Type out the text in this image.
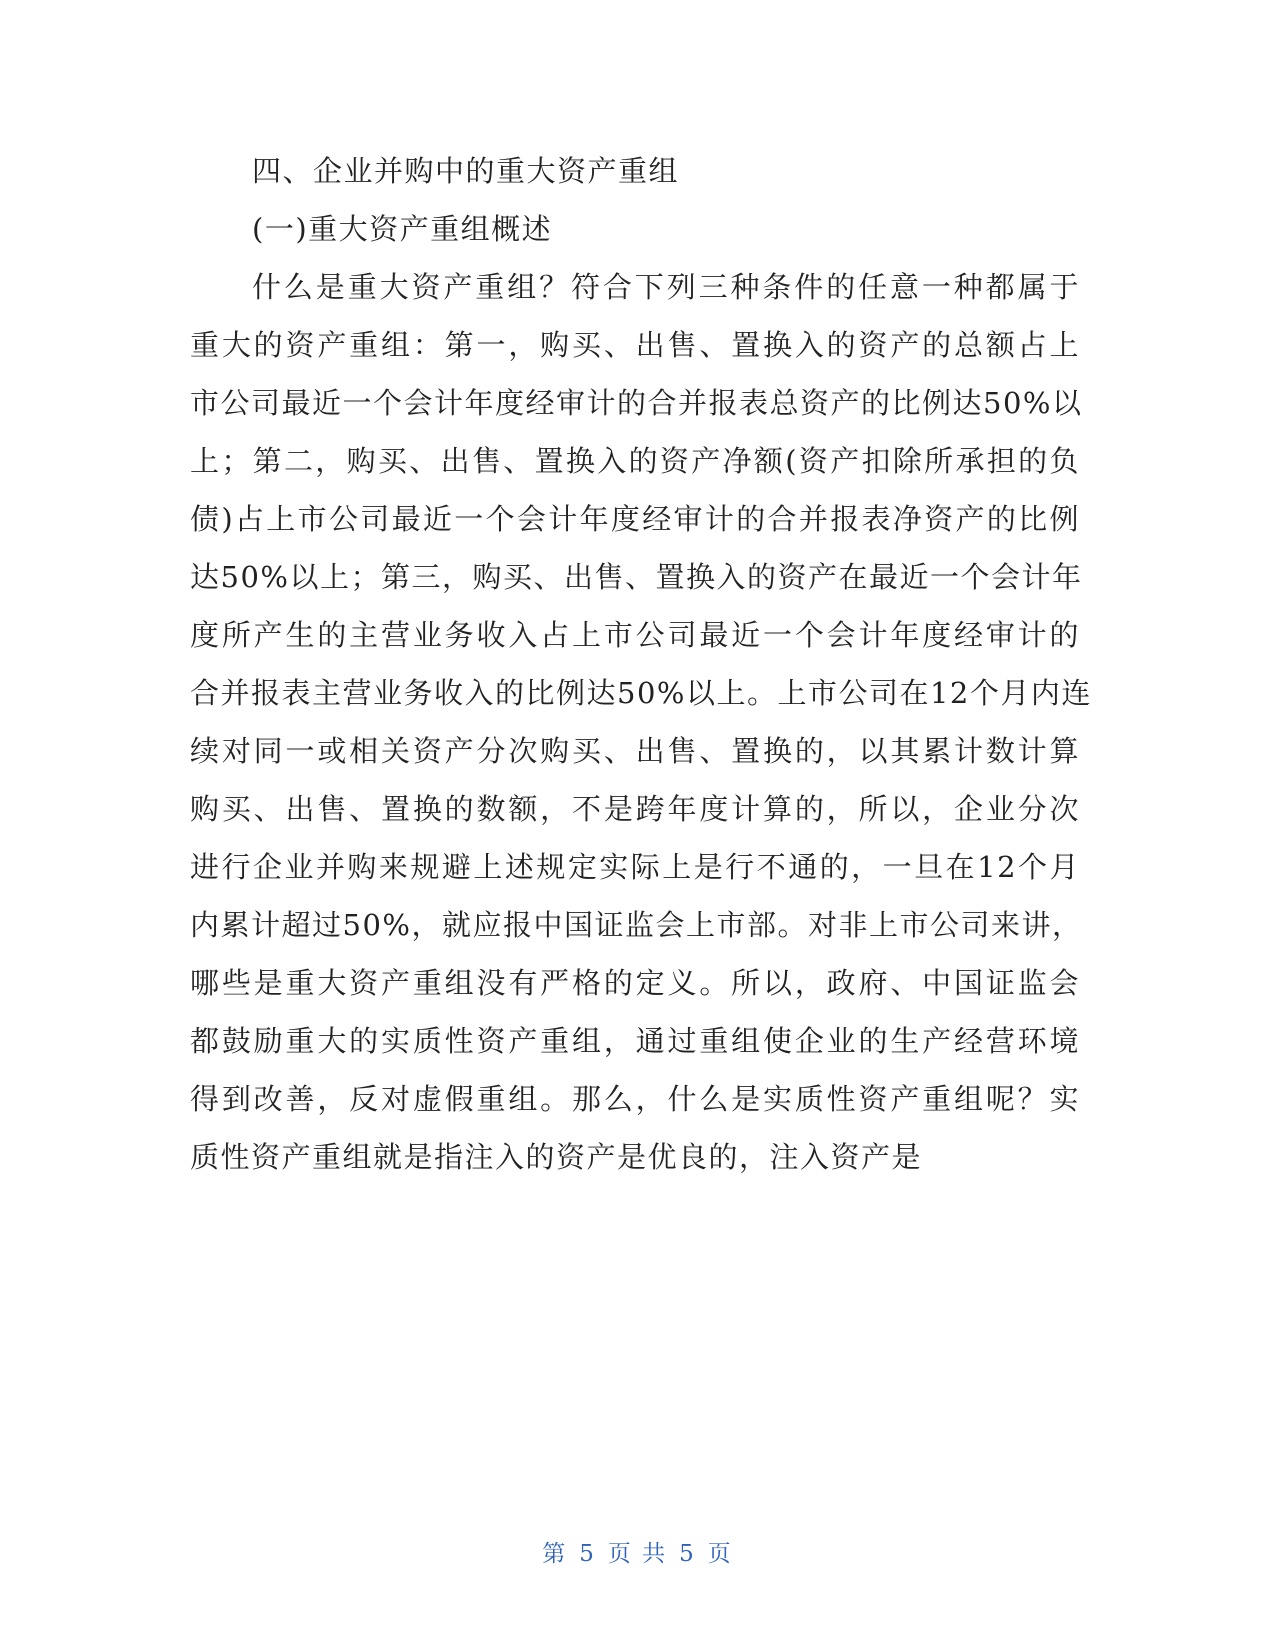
四、企业并购中的重大资产重组
(一)重大资产重组概述
什么是重大资产重组？符合下列三种条件的任意一种都属于
重大的资产重组：第一，购买、出售、置换入的资产的总额占上
市公司最近一个会计年度经审计的合并报表总资产的比例达50%以
上；第二，购买、出售、置换入的资产净额(资产扣除所承担的负
债)占上市公司最近一个会计年度经审计的合并报表净资产的比例
达50%以上；第三，购买、出售、置换入的资产在最近一个会计年
度所产生的主营业务收入占上市公司最近一个会计年度经审计的
合并报表主营业务收入的比例达50%以上。上市公司在12个月内连
续对同一或相关资产分次购买、出售、置换的，以其累计数计算
购买、出售、置换的数额，不是跨年度计算的，所以，企业分次
进行企业并购来规避上述规定实际上是行不通的，一旦在12个月
内累计超过50%，就应报中国证监会上市部。对非上市公司来讲，
哪些是重大资产重组没有严格的定义。所以，政府、中国证监会
都鼓励重大的实质性资产重组，通过重组使企业的生产经营环境
得到改善，反对虚假重组。那么，什么是实质性资产重组呢？实
质性资产重组就是指注入的资产是优良的，注入资产是
第 5 页 共 5 页
